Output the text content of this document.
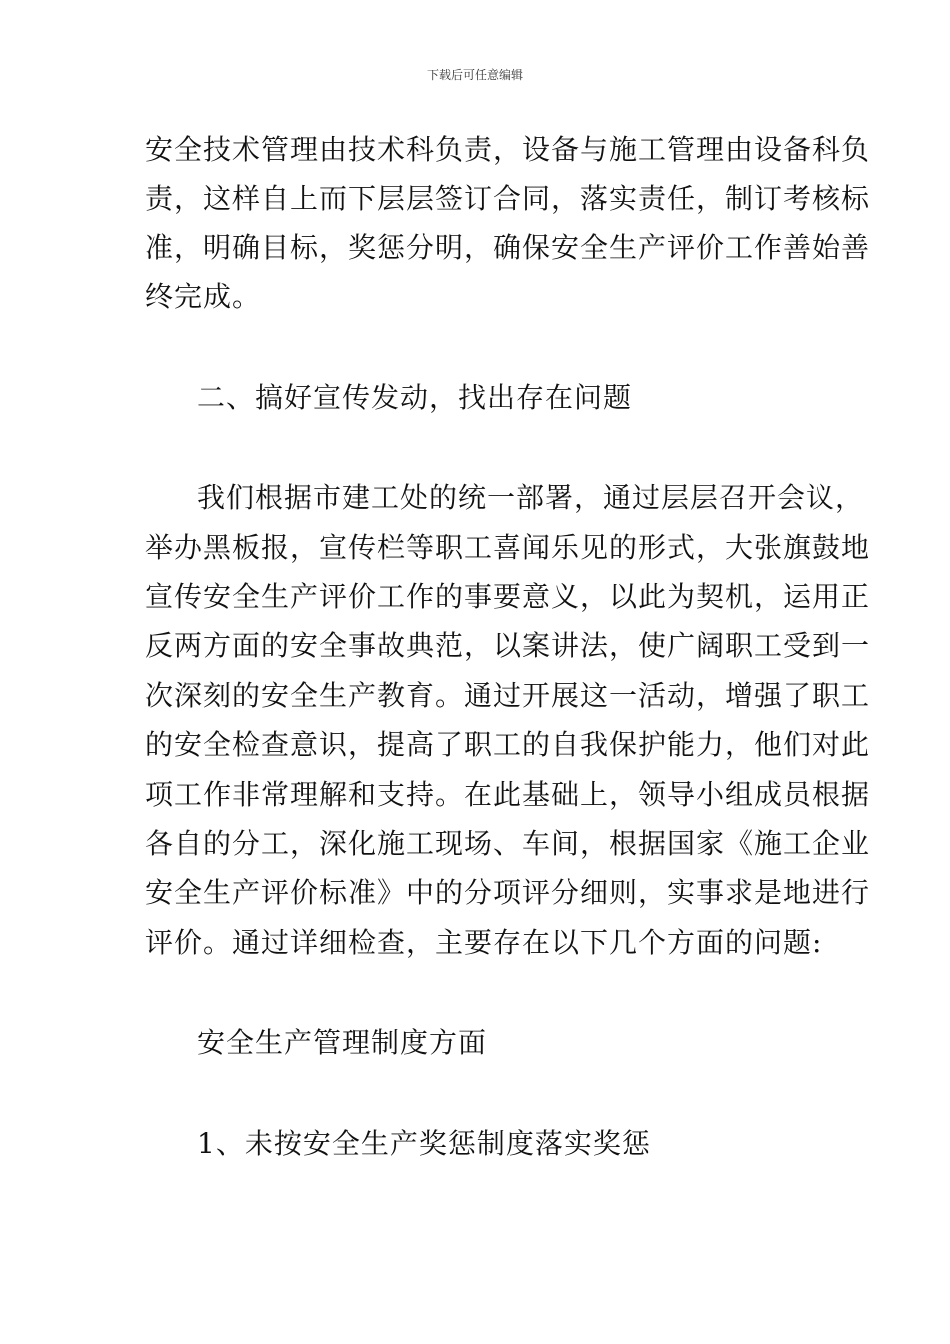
下载后可任意编辑
安全技术管理由技术科负责，设备与施工管理由设备科负
责，这样自上而下层层签订合同，落实责任，制订考核标
准，明确目标，奖惩分明，确保安全生产评价工作善始善
终完成。
二、搞好宣传发动，找出存在问题
我们根据市建工处的统一部署，通过层层召开会议，
举办黑板报，宣传栏等职工喜闻乐见的形式，大张旗鼓地
宣传安全生产评价工作的事要意义，以此为契机，运用正
反两方面的安全事故典范，以案讲法，使广阔职工受到一
次深刻的安全生产教育。通过开展这一活动，增强了职工
的安全检查意识，提高了职工的自我保护能力，他们对此
项工作非常理解和支持。在此基础上，领导小组成员根据
各自的分工，深化施工现场、车间，根据国家《施工企业
安全生产评价标准》中的分项评分细则，实事求是地进行
评价。通过详细检查，主要存在以下几个方面的问题:
安全生产管理制度方面
1、未按安全生产奖惩制度落实奖惩
